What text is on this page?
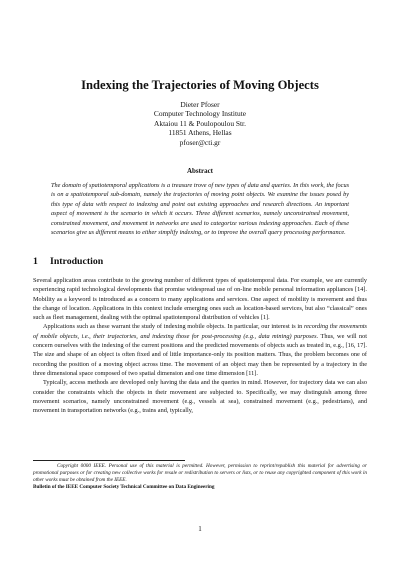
Indexing the Trajectories of Moving Objects
Dieter Pfoser
Computer Technology Institute
Aktaiou 11 & Poulopoulou Str.
11851 Athens, Hellas
pfoser@cti.gr
Abstract
The domain of spatiotemporal applications is a treasure trove of new types of data and queries. In this work, the focus is on a spatiotemporal sub-domain, namely the trajectories of moving point objects. We examine the issues posed by this type of data with respect to indexing and point out existing approaches and research directions. An important aspect of movement is the scenario in which it occurs. Three different scenarios, namely unconstrained movement, constrained movement, and movement in networks are used to categorize various indexing approaches. Each of these scenarios give us different means to either simplify indexing, or to improve the overall query processing performance.
1 Introduction

Several application areas contribute to the growing number of different types of spatiotemporal data. For example, we are currently experiencing rapid technological developments that promise widespread use of on-line mobile personal information appliances [14]. Mobility as a keyword is introduced as a concern to many applications and services. One aspect of mobility is movement and thus the change of location. Applications in this context include emerging ones such as location-based services, but also “classical” ones such as fleet management, dealing with the optimal spatiotemporal distribution of vehicles [1].

Applications such as these warrant the study of indexing mobile objects. In particular, our interest is in recording the movements of mobile objects, i.e., their trajectories, and indexing those for post-processing (e.g., data mining) purposes. Thus, we will not concern ourselves with the indexing of the current positions and the predicted movements of objects such as treated in, e.g., [16, 17]. The size and shape of an object is often fixed and of little importance-only its position matters. Thus, the problem becomes one of recording the position of a moving object across time. The movement of an object may then be represented by a trajectory in the three dimensional space composed of two spatial dimension and one time dimension [11].

Typically, access methods are developed only having the data and the queries in mind. However, for trajectory data we can also consider the constraints which the objects in their movement are subjected to. Specifically, we may distinguish among three movement scenarios, namely unconstrained movement (e.g., vessels at sea), constrained movement (e.g., pedestrians), and movement in transportation networks (e.g., trains and, typically,

Copyright 0000 IEEE. Personal use of this material is permitted. However, permission to reprint/republish this material for advertising or promotional purposes or for creating new collective works for resale or redistribution to servers or lists, or to reuse any copyrighted component of this work in other works must be obtained from the IEEE.

Bulletin of the IEEE Computer Society Technical Committee on Data Engineering

1
